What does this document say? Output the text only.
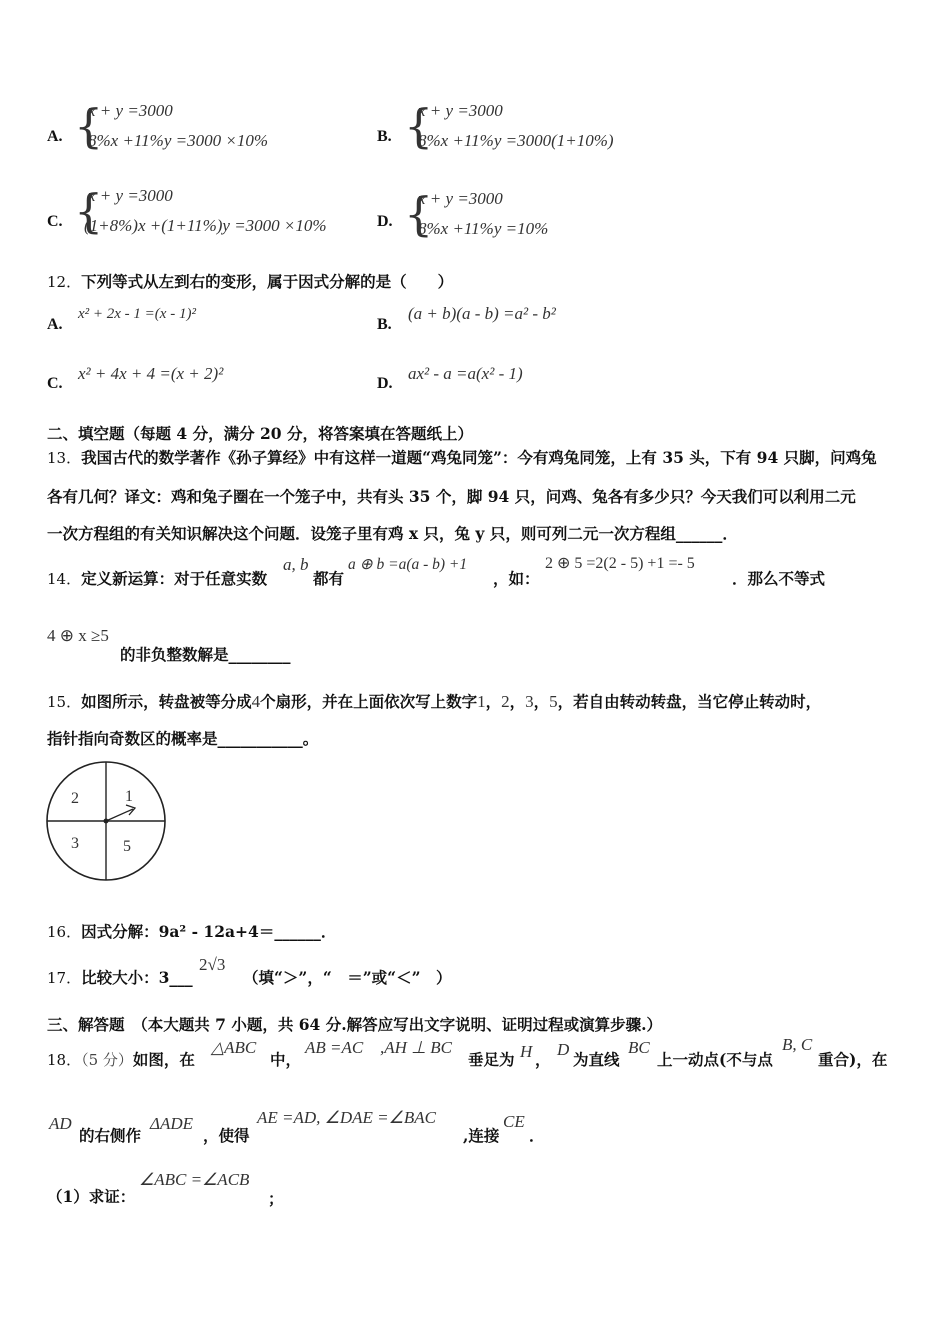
A. {
x + y =3000
8%x +11%y =3000 ×10%	B. {
x + y =3000
8%x +11%y =3000(1+10%)
C. {
x + y =3000
(1+8%)x +(1+11%)y =3000 ×10%	D. {
x + y =3000
8%x +11%y =10%
12．下列等式从左到右的变形，属于因式分解的是（　　）
A.
x² + 2x - 1 =(x - 1)²
B.
(a + b)(a - b) =a² - b²
C.
x² + 4x + 4 =(x + 2)²
D.
ax² - a =a(x² - 1)
二、填空题（每题 4 分，满分 20 分，将答案填在答题纸上）
13．我国古代的数学著作《孙子算经》中有这样一道题“鸡兔同笼”：今有鸡兔同笼，上有 35 头，下有 94 只脚，问鸡兔
各有几何？译文：鸡和兔子圈在一个笼子中，共有头 35 个，脚 94 只，问鸡、兔各有多少只？今天我们可以利用二元
一次方程组的有关知识解决这个问题．设笼子里有鸡 x 只，兔 y 只，则可列二元一次方程组______．
14．定义新运算：对于任意实数
a, b
都有
a ⊕ b =a(a - b) +1
，如：
2 ⊕ 5 =2(2 - 5) +1 =- 5
．那么不等式
4 ⊕ x ≥5
的非负整数解是________
15．如图所示，转盘被等分成4个扇形，并在上面依次写上数字1，2，3，5，若自由转动转盘，当它停止转动时，
指针指向奇数区的概率是___________。
2	1
3	5
16．因式分解：9a² - 12a+4＝______．
17．比较大小：3___
2√3
（填“＞”，“　＝”或“＜”　）
三、解答题　（本大题共 7 小题，共 64 分.解答应写出文字说明、证明过程或演算步骤.）
18．（5 分）如图，在
△ABC
中，
AB =AC ,AH ⊥ BC
垂足为 H ，
D
为直线
BC
上一动点(不与点
B, C
重合)，在
AD
的右侧作
ΔADE
，使得
AE =AD, ∠DAE =∠BAC
,连接
CE
．
（1）求证：
∠ABC =∠ACB
；
